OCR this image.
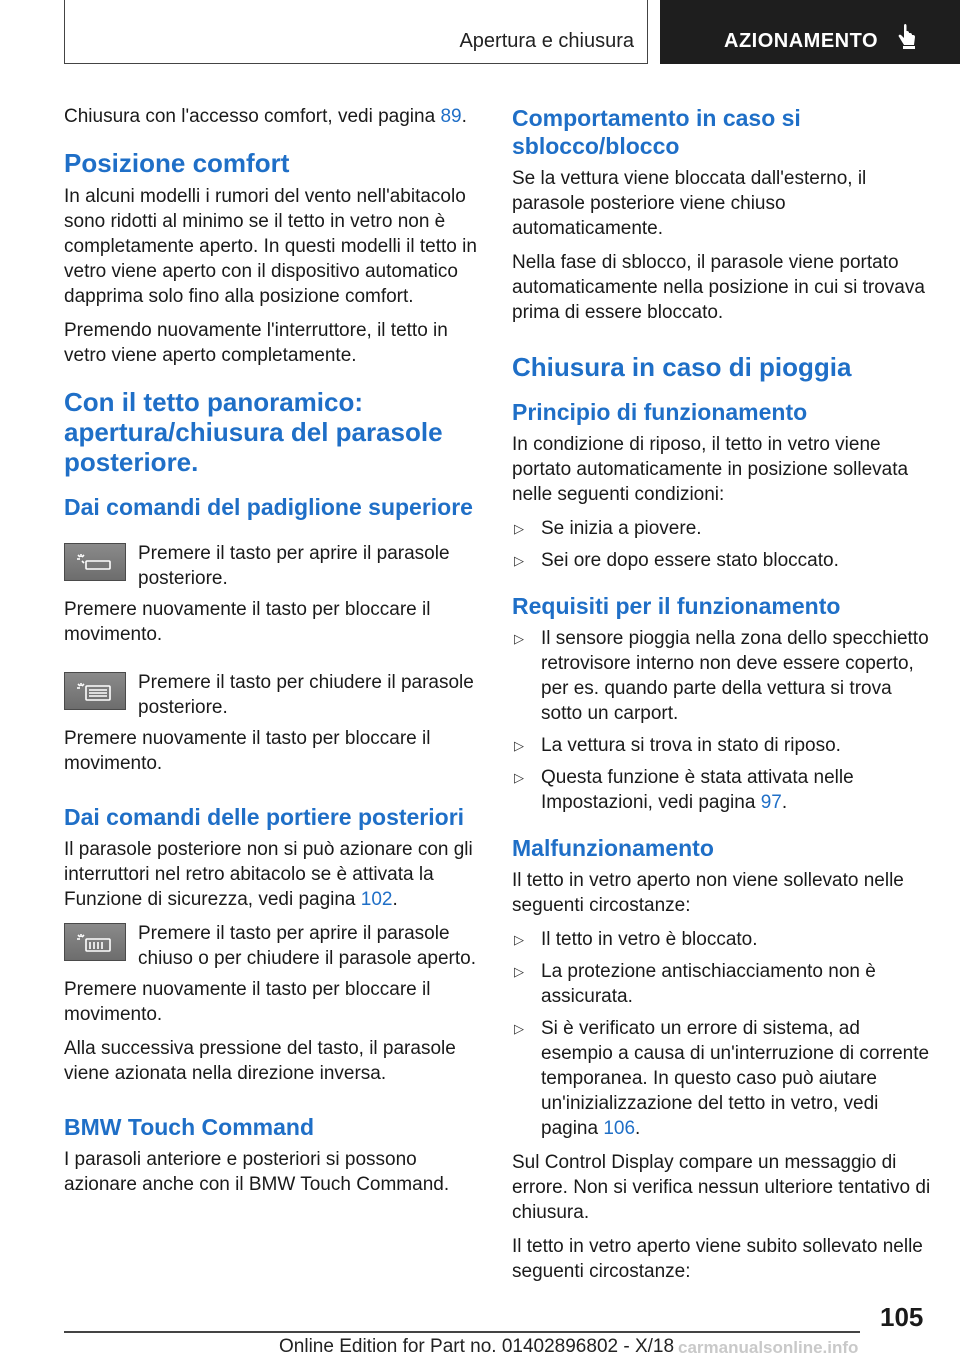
Apertura e chiusura	AZIONAMENTO

Chiusura con l'accesso comfort, vedi pagina 89.

Posizione comfort

In alcuni modelli i rumori del vento nell'abitacolo sono ridotti al minimo se il tetto in vetro non è completamente aperto. In questi modelli il tetto in vetro viene aperto con il dispositivo automatico dapprima solo fino alla posizione comfort.

Premendo nuovamente l'interruttore, il tetto in vetro viene aperto completamente.

Con il tetto panoramico: apertura/chiusura del parasole posteriore.
Dai comandi del padiglione superiore

Premere il tasto per aprire il parasole posteriore.

Premere nuovamente il tasto per bloccare il movimento.

Premere il tasto per chiudere il parasole posteriore.

Premere nuovamente il tasto per bloccare il movimento.

Dai comandi delle portiere posteriori

Il parasole posteriore non si può azionare con gli interruttori nel retro abitacolo se è attivata la Funzione di sicurezza, vedi pagina 102.

Premere il tasto per aprire il parasole chiuso o per chiudere il parasole aperto.

Premere nuovamente il tasto per bloccare il movimento.

Alla successiva pressione del tasto, il parasole viene azionata nella direzione inversa.

BMW Touch Command

I parasoli anteriore e posteriori si possono azionare anche con il BMW Touch Command.

Comportamento in caso si sblocco/blocco

Se la vettura viene bloccata dall'esterno, il parasole posteriore viene chiuso automaticamente.

Nella fase di sblocco, il parasole viene portato automaticamente nella posizione in cui si trovava prima di essere bloccato.

Chiusura in caso di pioggia
Principio di funzionamento

In condizione di riposo, il tetto in vetro viene portato automaticamente in posizione sollevata nelle seguenti condizioni:

▷ Se inizia a piovere.
▷ Sei ore dopo essere stato bloccato.
Requisiti per il funzionamento
▷ Il sensore pioggia nella zona dello specchietto retrovisore interno non deve essere coperto, per es. quando parte della vettura si trova sotto un carport.
▷ La vettura si trova in stato di riposo.
▷ Questa funzione è stata attivata nelle Impostazioni, vedi pagina 97.
Malfunzionamento

Il tetto in vetro aperto non viene sollevato nelle seguenti circostanze:

▷ Il tetto in vetro è bloccato.
▷ La protezione antischiacciamento non è assicurata.
▷ Si è verificato un errore di sistema, ad esempio a causa di un'interruzione di corrente temporanea. In questo caso può aiutare un'inizializzazione del tetto in vetro, vedi pagina 106.

Sul Control Display compare un messaggio di errore. Non si verifica nessun ulteriore tentativo di chiusura.

Il tetto in vetro aperto viene subito sollevato nelle seguenti circostanze:

105
Online Edition for Part no. 01402896802 - X/18 carmanualsonline.info
